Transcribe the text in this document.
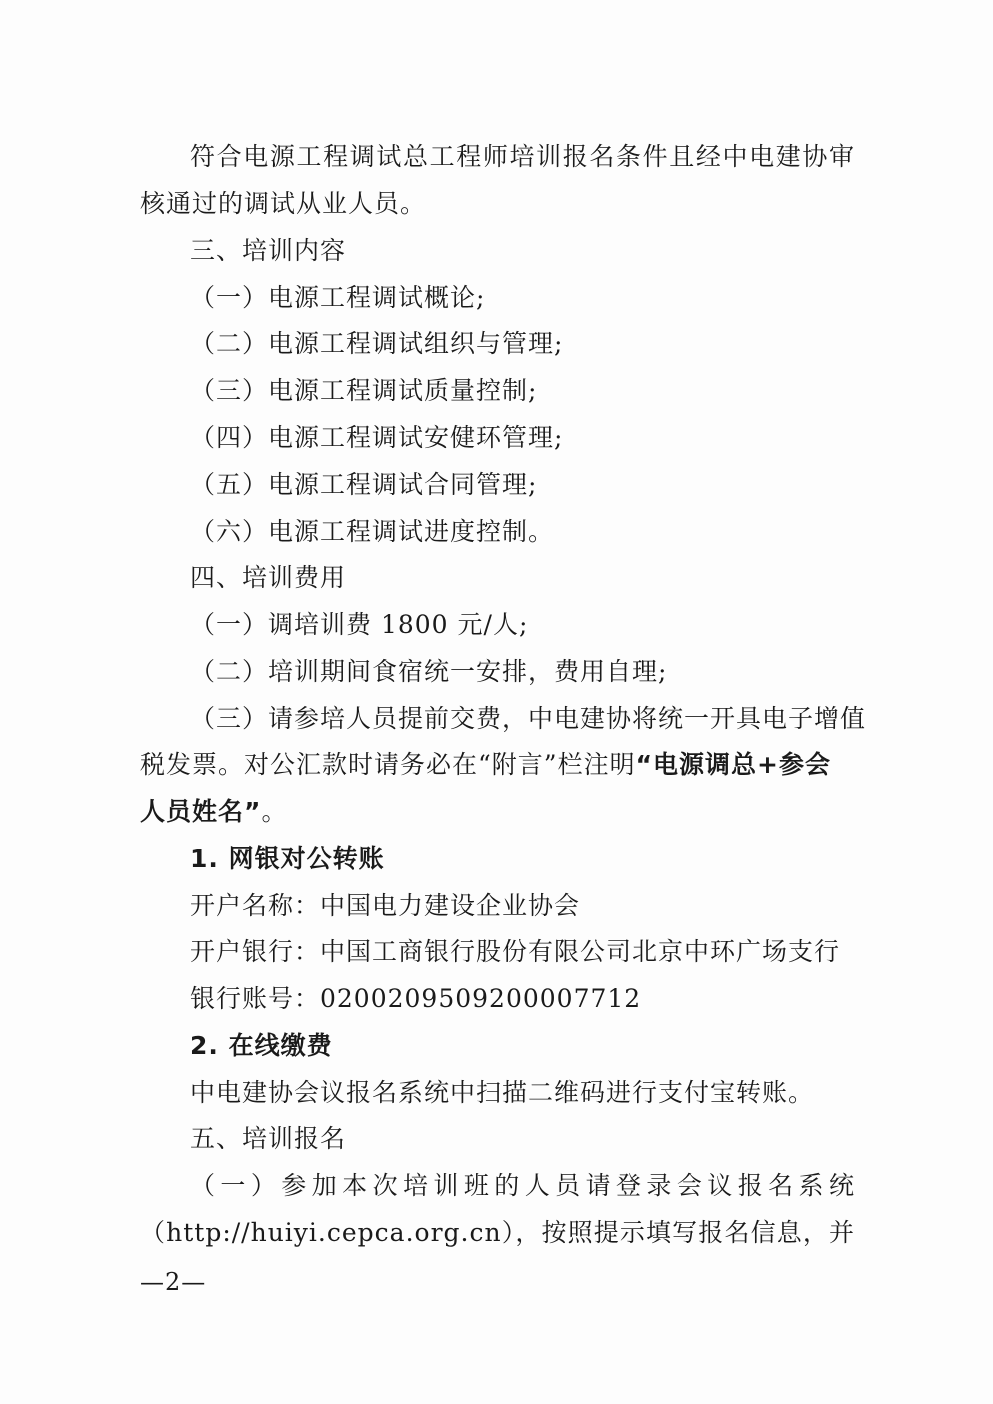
符合电源工程调试总工程师培训报名条件且经中电建协审
核通过的调试从业人员。
三、培训内容
（一）电源工程调试概论;
（二）电源工程调试组织与管理;
（三）电源工程调试质量控制;
（四）电源工程调试安健环管理;
（五）电源工程调试合同管理;
（六）电源工程调试进度控制。
四、培训费用
（一）调培训费 1800 元/人;
（二）培训期间食宿统一安排，费用自理;
（三）请参培人员提前交费，中电建协将统一开具电子增值
税发票。对公汇款时请务必在“附言”栏注明“电源调总+参会
人员姓名”。
1. 网银对公转账
开户名称：中国电力建设企业协会
开户银行：中国工商银行股份有限公司北京中环广场支行
银行账号：0200209509200007712
2. 在线缴费
中电建协会议报名系统中扫描二维码进行支付宝转账。
五、培训报名
（一）参加本次培训班的人员请登录会议报名系统
（http://huiyi.cepca.org.cn），按照提示填写报名信息，并
—2—
